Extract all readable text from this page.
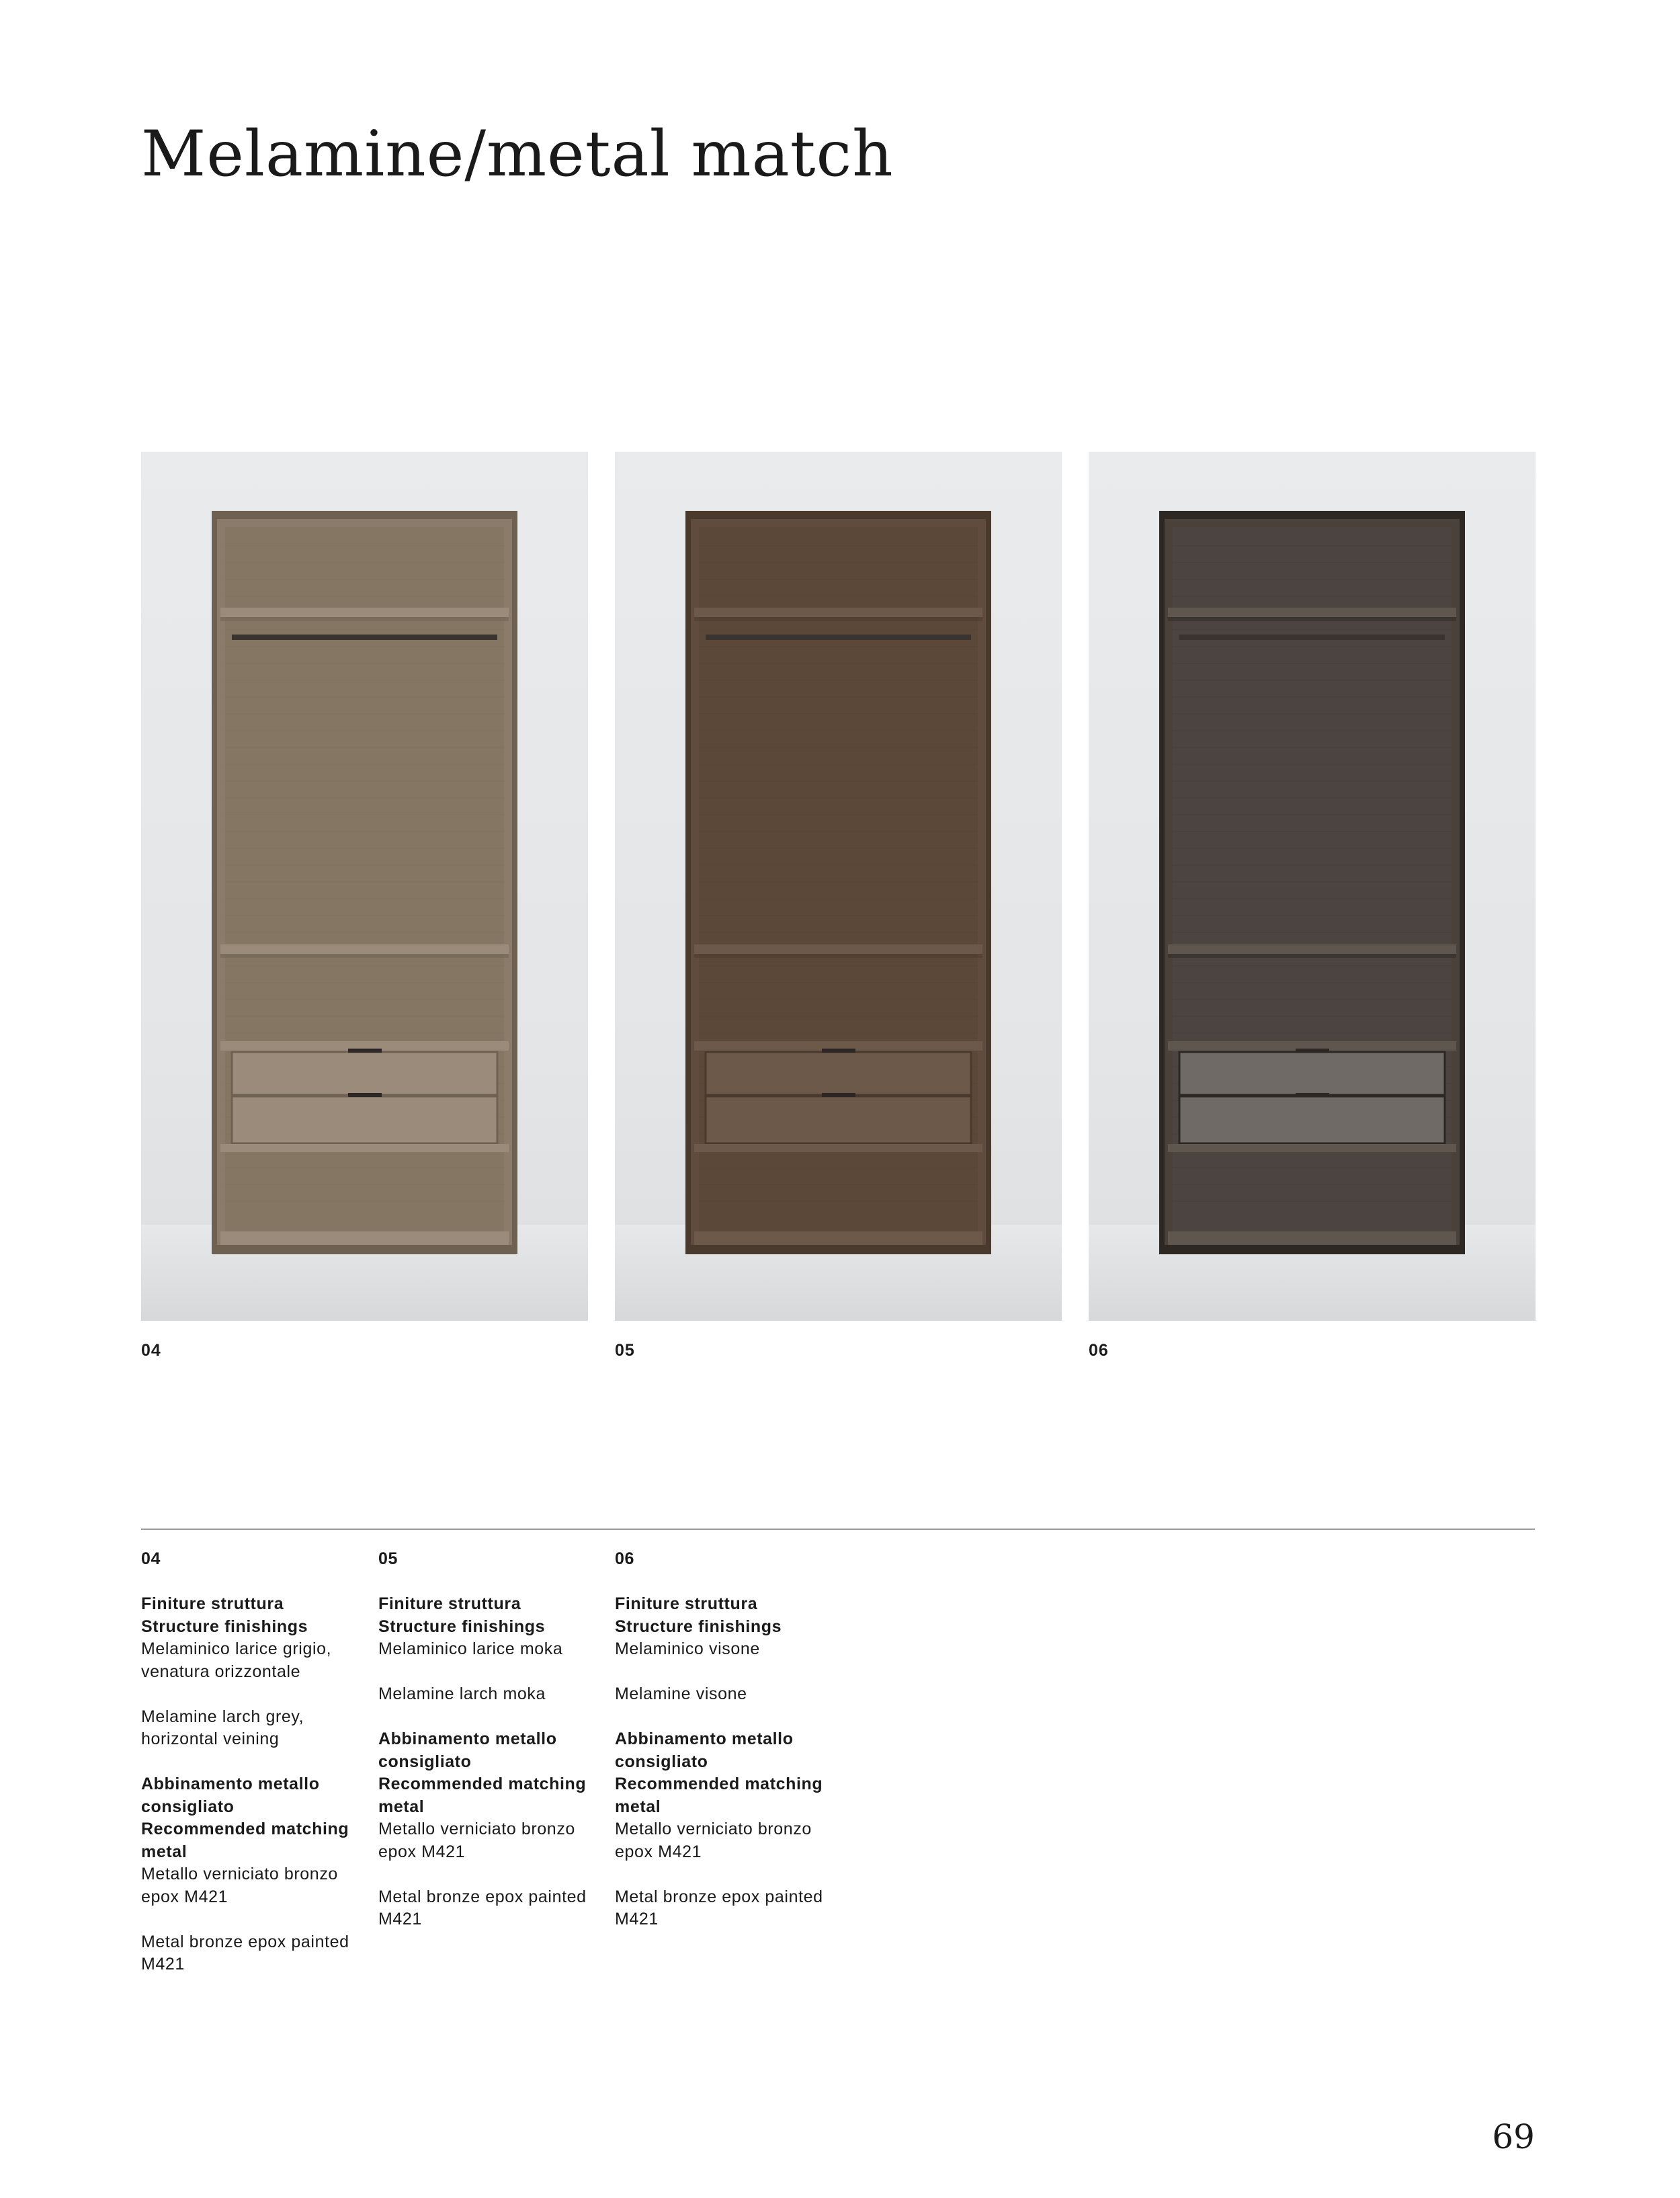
Melamine/metal match
04	05	06
04
Finiture struttura
Structure finishings
Melaminico larice grigio, venatura orizzontale
Melamine larch grey, horizontal veining
Abbinamento metallo consigliato
Recommended matching metal
Metallo verniciato bronzo epox M421
Metal bronze epox painted M421
05
Finiture struttura
Structure finishings
Melaminico larice moka
Melamine larch moka
Abbinamento metallo consigliato
Recommended matching metal
Metallo verniciato bronzo epox M421
Metal bronze epox painted M421
06
Finiture struttura
Structure finishings
Melaminico visone
Melamine visone
Abbinamento metallo consigliato
Recommended matching metal
Metallo verniciato bronzo epox M421
Metal bronze epox painted M421
69
